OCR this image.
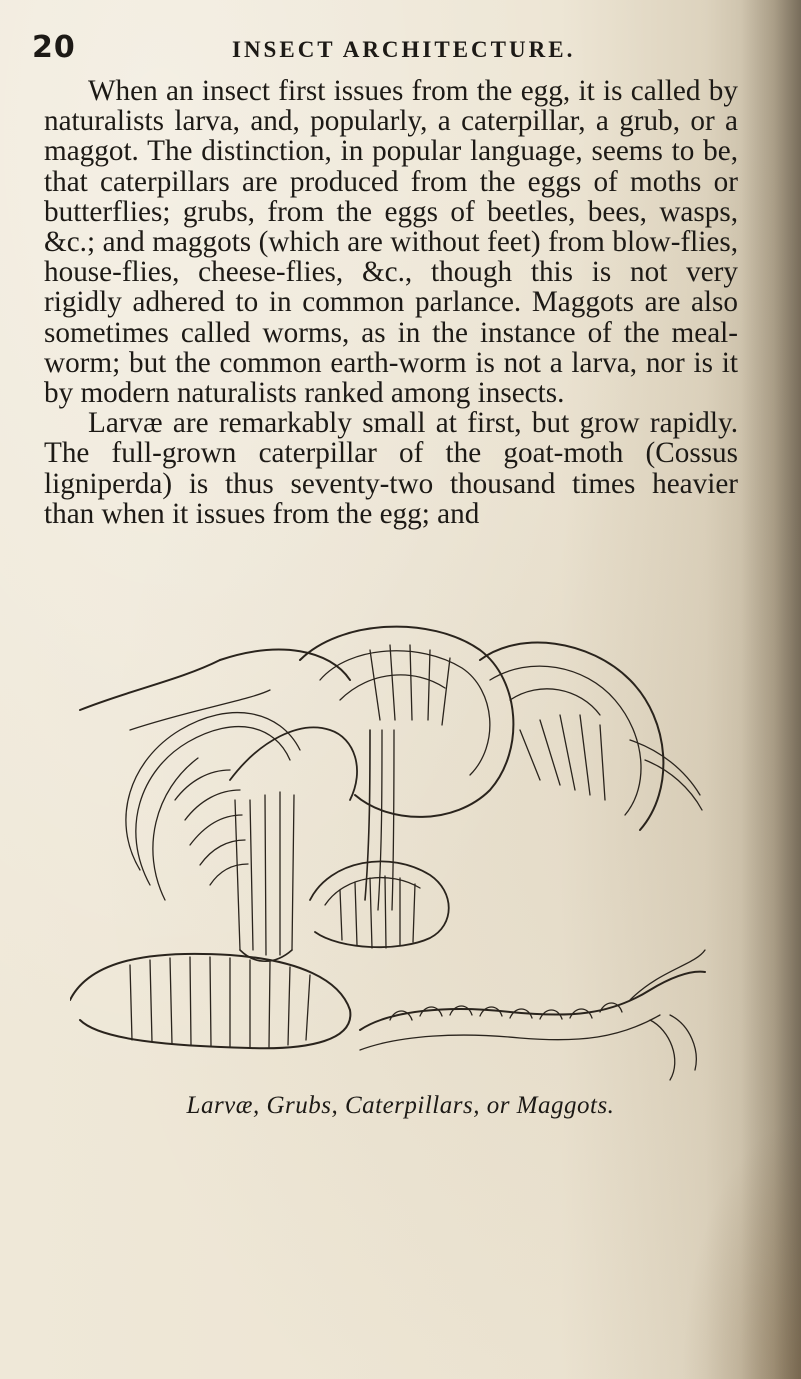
20	INSECT ARCHITECTURE.

When an insect first issues from the egg, it is called by naturalists larva, and, popularly, a caterpillar, a grub, or a maggot. The distinction, in popular language, seems to be, that caterpillars are produced from the eggs of moths or butterflies; grubs, from the eggs of beetles, bees, wasps, &c.; and maggots (which are without feet) from blow-flies, house-flies, cheese-flies, &c., though this is not very rigidly adhered to in common parlance. Maggots are also sometimes called worms, as in the instance of the meal-worm; but the common earth-worm is not a larva, nor is it by modern naturalists ranked among insects.

Larvæ are remarkably small at first, but grow rapidly. The full-grown caterpillar of the goat-moth (Cossus ligniperda) is thus seventy-two thousand times heavier than when it issues from the egg; and

Larvæ, Grubs, Caterpillars, or Maggots.
